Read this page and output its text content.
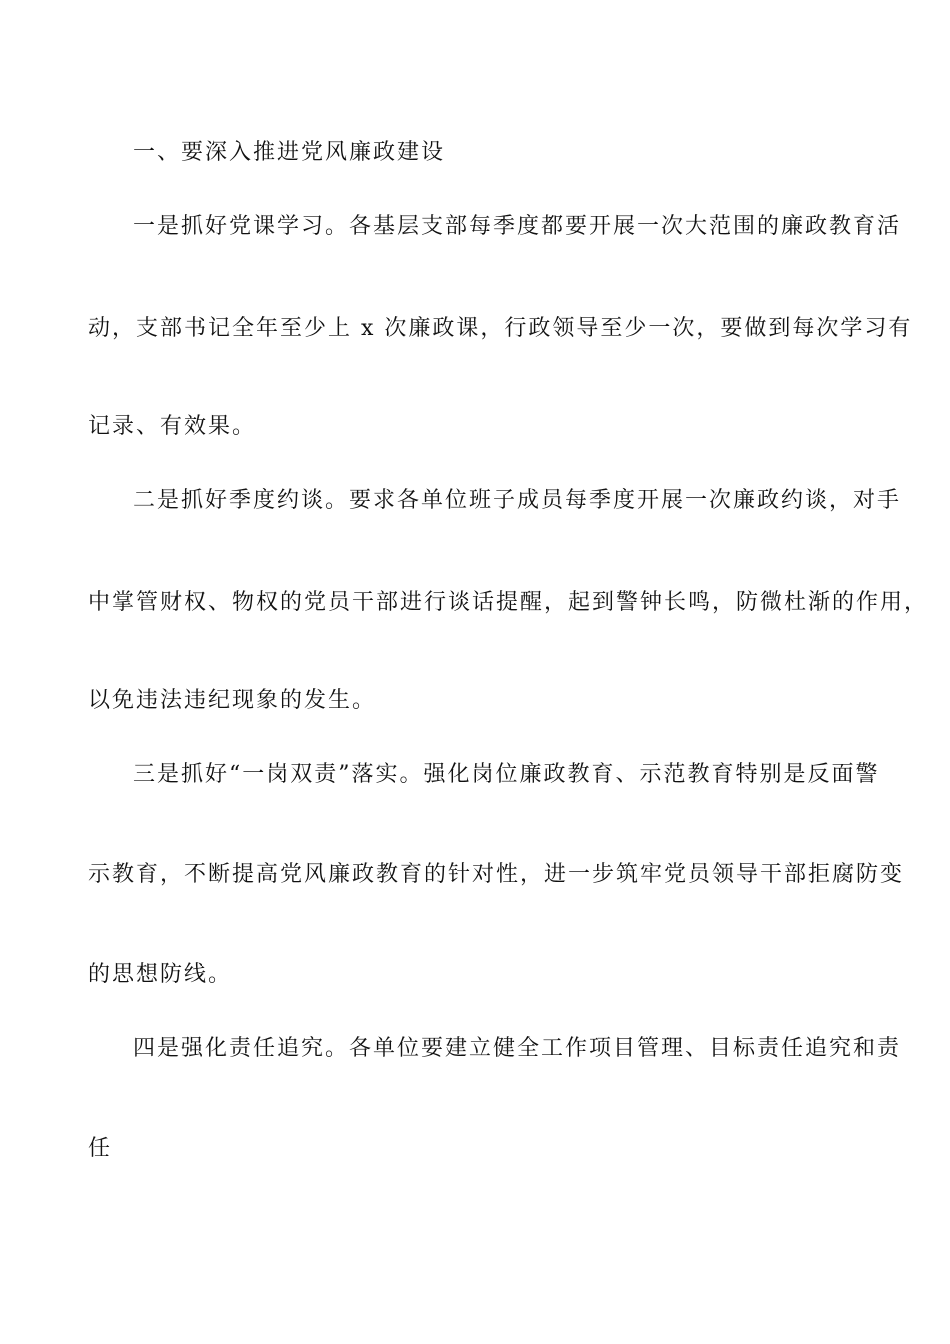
一、要深入推进党风廉政建设
一是抓好党课学习。各基层支部每季度都要开展一次大范围的廉政教育活
动，支部书记全年至少上 x 次廉政课，行政领导至少一次，要做到每次学习有
记录、有效果。
二是抓好季度约谈。要求各单位班子成员每季度开展一次廉政约谈，对手
中掌管财权、物权的党员干部进行谈话提醒，起到警钟长鸣，防微杜渐的作用，
以免违法违纪现象的发生。
三是抓好“一岗双责”落实。强化岗位廉政教育、示范教育特别是反面警
示教育，不断提高党风廉政教育的针对性，进一步筑牢党员领导干部拒腐防变
的思想防线。
四是强化责任追究。各单位要建立健全工作项目管理、目标责任追究和责
任
